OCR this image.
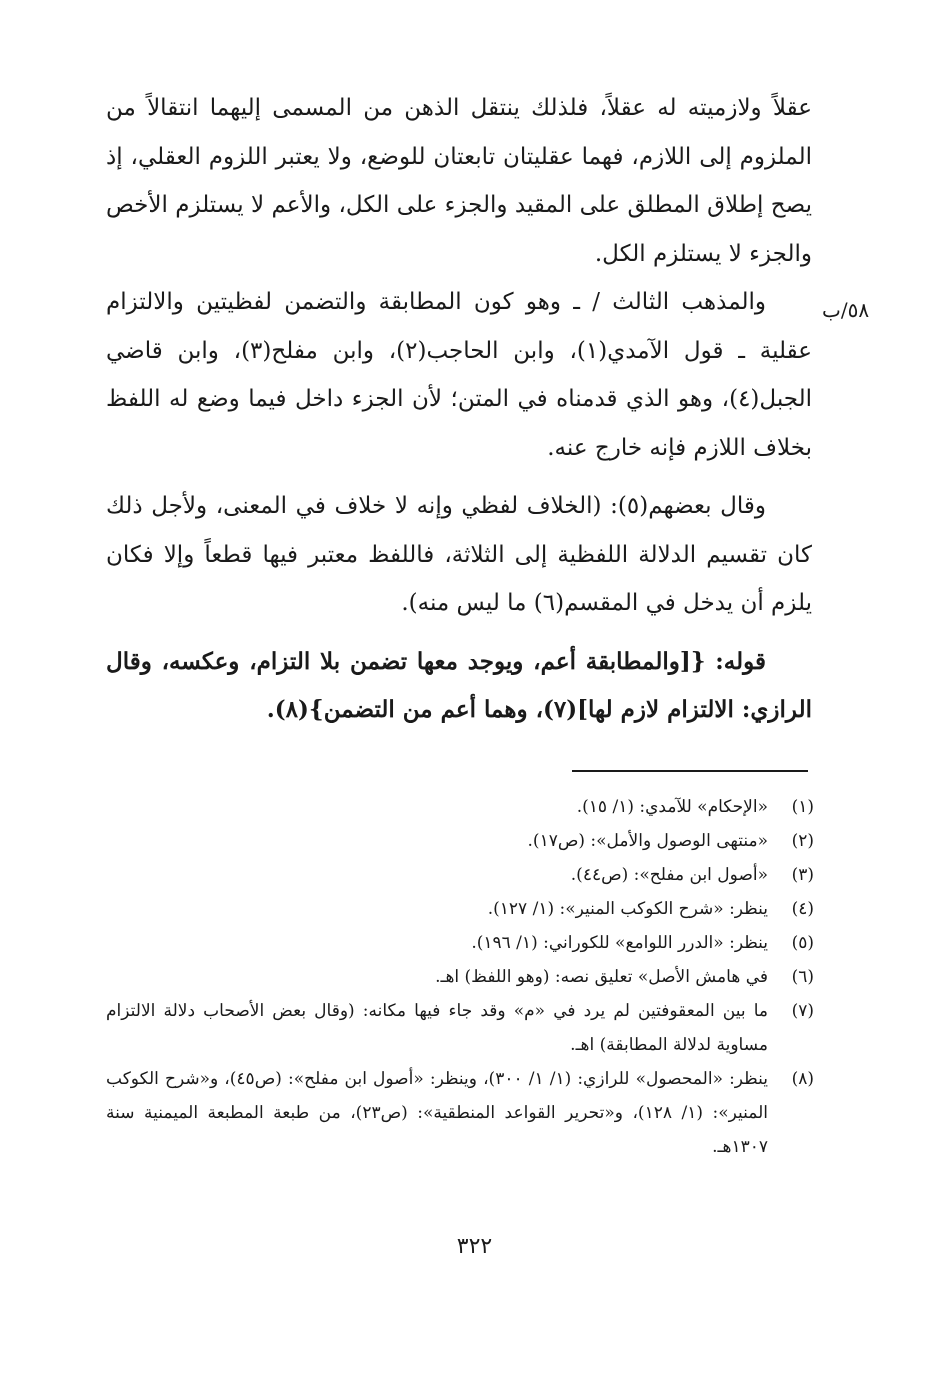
عقلاً ولازميته له عقلاً، فلذلك ينتقل الذهن من المسمى إليهما انتقالاً من الملزوم إلى اللازم، فهما عقليتان تابعتان للوضع، ولا يعتبر اللزوم العقلي، إذ يصح إطلاق المطلق على المقيد والجزء على الكل، والأعم لا يستلزم الأخص والجزء لا يستلزم الكل.

والمذهب الثالث / ـ وهو كون المطابقة والتضمن لفظيتين والالتزام عقلية ـ قول الآمدي(١)، وابن الحاجب(٢)، وابن مفلح(٣)، وابن قاضي الجبل(٤)، وهو الذي قدمناه في المتن؛ لأن الجزء داخل فيما وضع له اللفظ بخلاف اللازم فإنه خارج عنه.

وقال بعضهم(٥): (الخلاف لفظي وإنه لا خلاف في المعنى، ولأجل ذلك كان تقسيم الدلالة اللفظية إلى الثلاثة، فاللفظ معتبر فيها قطعاً وإلا فكان يلزم أن يدخل في المقسم(٦) ما ليس منه).

قوله: {[والمطابقة أعم، ويوجد معها تضمن بلا التزام، وعكسه، وقال الرازي: الالتزام لازم لها](٧)، وهما أعم من التضمن}(٨).

٥٨/ب
(١)
«الإحكام» للآمدي: (١/ ١٥).
(٢)
«منتهى الوصول والأمل»: (ص١٧).
(٣)
«أصول ابن مفلح»: (ص٤٤).
(٤)
ينظر: «شرح الكوكب المنير»: (١/ ١٢٧).
(٥)
ينظر: «الدرر اللوامع» للكوراني: (١/ ١٩٦).
(٦)
في هامش الأصل» تعليق نصه: (وهو اللفظ) اهـ.
(٧)
ما بين المعقوفتين لم يرد في «م» وقد جاء فيها مكانه: (وقال بعض الأصحاب دلالة الالتزام مساوية لدلالة المطابقة) اهـ.
(٨)
ينظر: «المحصول» للرازي: (١/ ١/ ٣٠٠)، وينظر: «أصول ابن مفلح»: (ص٤٥)، و«شرح الكوكب المنير»: (١/ ١٢٨)، و«تحرير القواعد المنطقية»: (ص٢٣)، من طبعة المطبعة الميمنية سنة ١٣٠٧هـ.
٣٢٢
